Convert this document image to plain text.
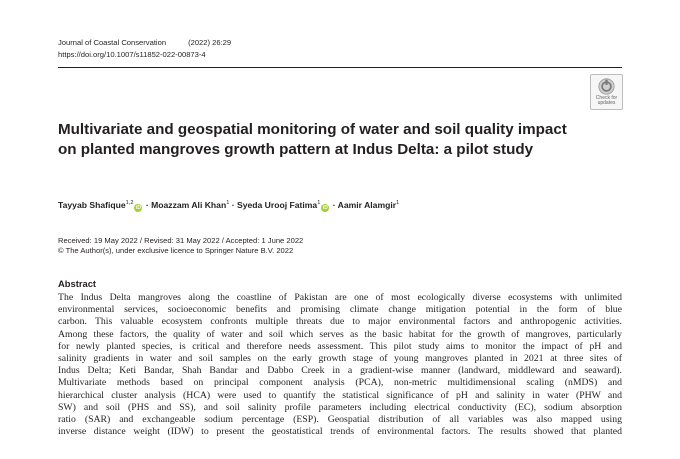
Journal of Coastal Conservation	(2022) 26:29
https://doi.org/10.1007/s11852-022-00873-4
Check for
updates
Multivariate and geospatial monitoring of water and soil quality impact on planted mangroves growth pattern at Indus Delta: a pilot study
Tayyab Shafique$^{1,2}$iD · Moazzam Ali Khan$^1$ · Syeda Urooj Fatima$^1$iD · Aamir Alamgir$^1$
Received: 19 May 2022 / Revised: 31 May 2022 / Accepted: 1 June 2022
© The Author(s), under exclusive licence to Springer Nature B.V. 2022
Abstract
The Indus Delta mangroves along the coastline of Pakistan are one of most ecologically diverse ecosystems with unlimited
environmental services, socioeconomic benefits and promising climate change mitigation potential in the form of blue
carbon. This valuable ecosystem confronts multiple threats due to major environmental factors and anthropogenic activities.
Among these factors, the quality of water and soil which serves as the basic habitat for the growth of mangroves, particularly
for newly planted species, is critical and therefore needs assessment. This pilot study aims to monitor the impact of pH and
salinity gradients in water and soil samples on the early growth stage of young mangroves planted in 2021 at three sites of
Indus Delta; Keti Bandar, Shah Bandar and Dabbo Creek in a gradient-wise manner (landward, middleward and seaward).
Multivariate methods based on principal component analysis (PCA), non-metric multidimensional scaling (nMDS) and
hierarchical cluster analysis (HCA) were used to quantify the statistical significance of pH and salinity in water (PHW and
SW) and soil (PHS and SS), and soil salinity profile parameters including electrical conductivity (EC), sodium absorption
ratio (SAR) and exchangeable sodium percentage (ESP). Geospatial distribution of all variables was also mapped using
inverse distance weight (IDW) to present the geostatistical trends of environmental factors. The results showed that planted
